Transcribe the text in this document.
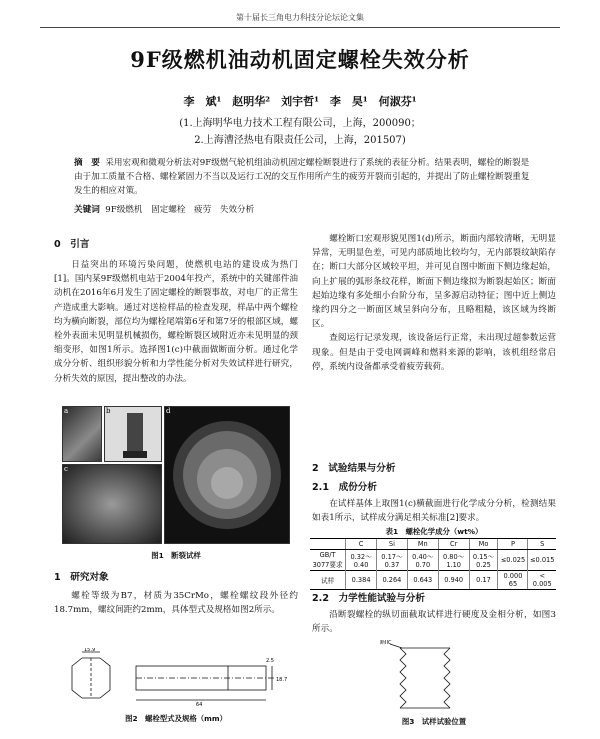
第十届长三角电力科技分论坛论文集
9F级燃机油动机固定螺栓失效分析
李　斌¹　赵明华²　刘宇哲¹　李　昊¹　何淑芬¹
(1.上海明华电力技术工程有限公司，上海，200090；
2.上海漕泾热电有限责任公司，上海，201507)
摘　要 采用宏观和微观分析法对9F级燃气轮机组油动机固定螺栓断裂进行了系统的表征分析。结果表明，螺栓的断裂是由于加工质量不合格、螺栓紧固力不当以及运行工况的交互作用所产生的疲劳开裂而引起的，并提出了防止螺栓断裂重复发生的相应对策。
关键词 9F级燃机　固定螺栓　疲劳　失效分析
0　引言

日益突出的环境污染问题，使燃机电站的建设成为热门[1]。国内某9F级燃机电站于2004年投产，系统中的关键部件油动机在2016年6月发生了固定螺栓的断裂事故，对电厂的正常生产造成重大影响。通过对送检样品的检查发现，样品中两个螺栓均为横向断裂，部位均为螺栓尾端第6牙和第7牙的根部区域，螺栓外表面未见明显机械损伤，螺栓断裂区域附近亦未见明显的颈缩变形，如图1所示。选择图1(c)中截面做断面分析。通过化学成分分析、组织形貌分析和力学性能分析对失效试样进行研究，分析失效的原因，提出整改的办法。

a	b
c
d
图1　断裂试样
1　研究对象

螺栓等级为B7，材质为35CrMo，螺栓螺纹段外径约18.7mm，螺纹间距约2mm，具体型式及规格如图2所示。

15.9
64
2.5
18.7
图2　螺栓型式及规格（mm）

螺栓断口宏观形貌见图1(d)所示，断面内部较清晰，无明显异常，无明显色差，可见内部质地比较均匀，无内部裂纹缺陷存在；断口大部分区域较平坦，并可见自图中断面下侧边缘起始，向上扩展的弧形条纹花样，断面下侧边缘拟为断裂起始区；断面起始边缘有多处细小台阶分布，呈多源启动特征；图中近上侧边缘约四分之一断面区域呈斜向分布，且略粗糙，该区域为终断区。

查阅运行记录发现，该设备运行正常，未出现过超参数运营现象。但是由于受电网调峰和燃料来源的影响，该机组经常启停，系统内设备都承受着疲劳载荷。

2　试验结果与分析
2.1　成份分析

在试样基体上取图1(c)横截面进行化学成分分析，检测结果如表1所示，试样成分满足相关标准[2]要求。

表1　螺栓化学成分（wt%）
	C	Si	Mn	Cr	Mo	P	S
GB/T 3077要求	0.32～0.40	0.17～0.37	0.40～0.70	0.80～1.10	0.15～0.25	≤0.025	≤0.015
试样	0.384	0.264	0.643	0.940	0.17	0.000 65	< 0.005
2.2　力学性能试验与分析

沿断裂螺栓的纵切面截取试样进行硬度及金相分析，如图3所示。

断IIC
图3　试样试验位置
